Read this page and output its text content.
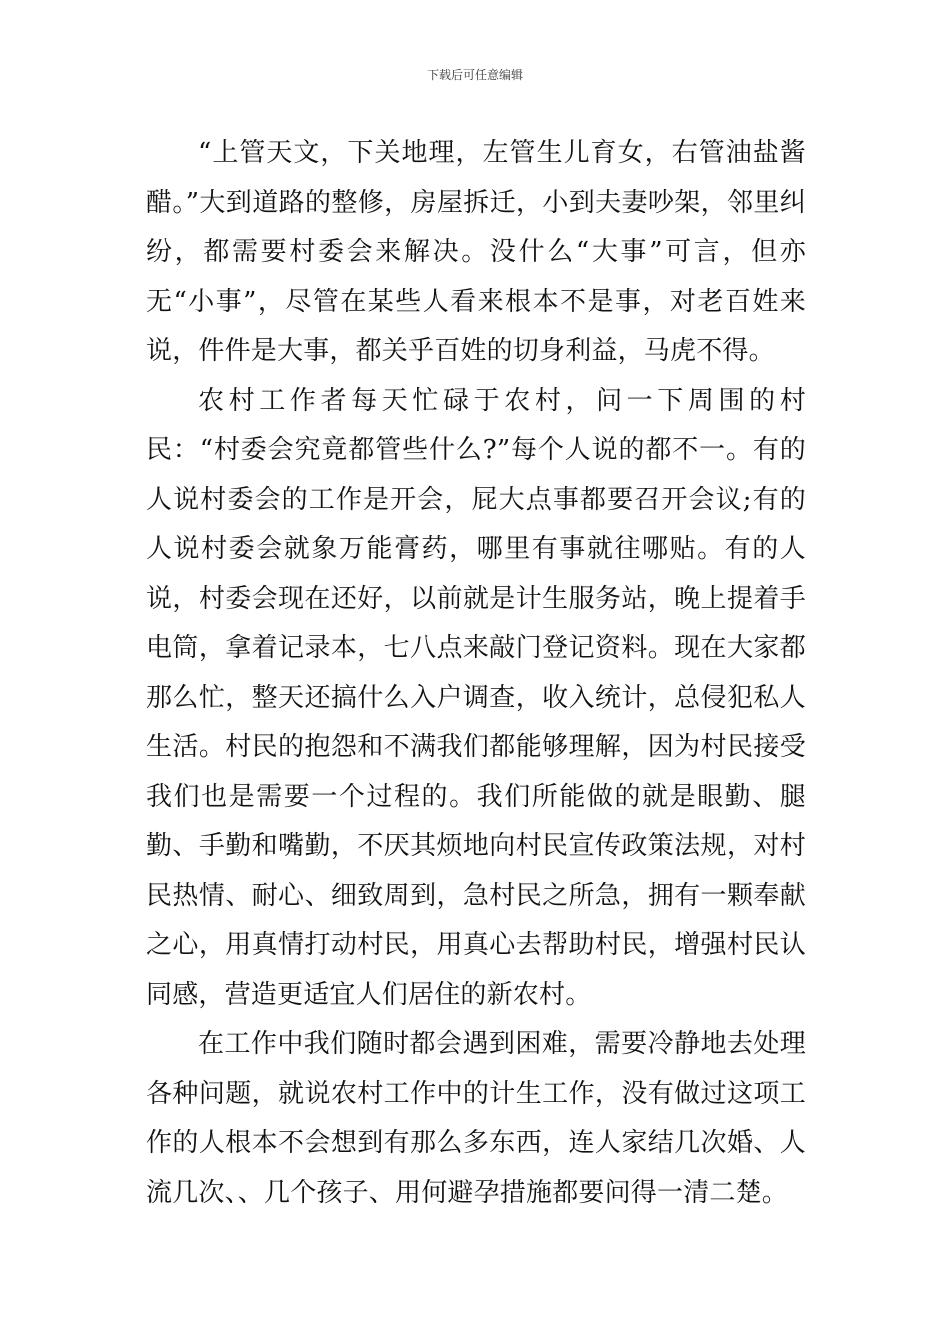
下载后可任意编辑

“上管天文，下关地理，左管生儿育女，右管油盐酱醋。”大到道路的整修，房屋拆迁，小到夫妻吵架，邻里纠纷，都需要村委会来解决。没什么“大事”可言，但亦无“小事”，尽管在某些人看来根本不是事，对老百姓来说，件件是大事，都关乎百姓的切身利益，马虎不得。

农村工作者每天忙碌于农村，问一下周围的村民：“村委会究竟都管些什么?”每个人说的都不一。有的人说村委会的工作是开会，屁大点事都要召开会议;有的人说村委会就象万能膏药，哪里有事就往哪贴。有的人说，村委会现在还好，以前就是计生服务站，晚上提着手电筒，拿着记录本，七八点来敲门登记资料。现在大家都那么忙，整天还搞什么入户调查，收入统计，总侵犯私人生活。村民的抱怨和不满我们都能够理解，因为村民接受我们也是需要一个过程的。我们所能做的就是眼勤、腿勤、手勤和嘴勤，不厌其烦地向村民宣传政策法规，对村民热情、耐心、细致周到，急村民之所急，拥有一颗奉献之心，用真情打动村民，用真心去帮助村民，增强村民认同感，营造更适宜人们居住的新农村。

在工作中我们随时都会遇到困难，需要冷静地去处理各种问题，就说农村工作中的计生工作，没有做过这项工作的人根本不会想到有那么多东西，连人家结几次婚、人流几次、、几个孩子、用何避孕措施都要问得一清二楚。
